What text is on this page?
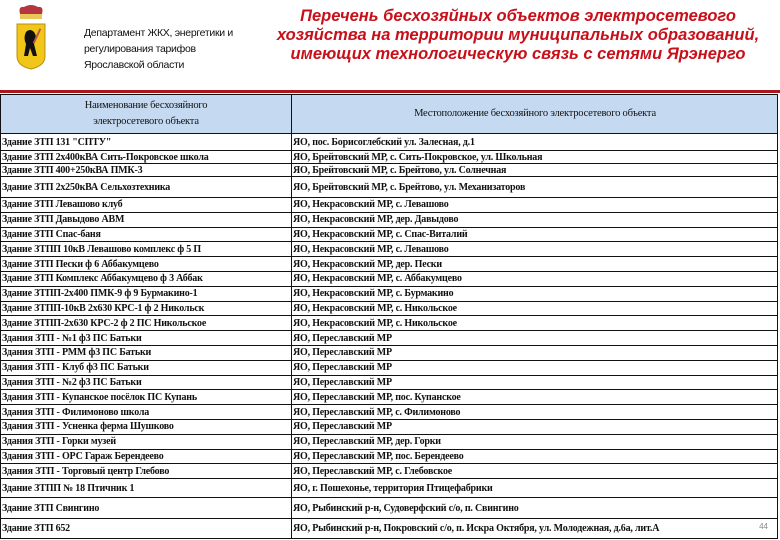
Департамент ЖКХ, энергетики и
регулирования тарифов
Ярославской области
Перечень бесхозяйных объектов электросетевого хозяйства на территории муниципальных образований, имеющих технологическую связь с сетями Ярэнерго
Наименование бесхозяйного электросетевого объекта	Местоположение бесхозяйного электросетевого объекта
Здание ЗТП 131 "СПТУ"	ЯО, пос. Борисоглебский ул. Залесная, д.1
Здание ЗТП 2х400кВА Сить-Покровское школа	ЯО, Брейтовский МР, с. Сить-Покровское, ул. Школьная
Здание ЗТП 400+250кВА ПМК-3	ЯО, Брейтовский МР, с. Брейтово, ул. Солнечная
Здание ЗТП 2х250кВА Сельхозтехника	ЯО, Брейтовский МР, с. Брейтово, ул. Механизаторов
Здание ЗТП Левашово клуб	ЯО, Некрасовский МР, с. Левашово
Здание ЗТП Давыдово АВМ	ЯО, Некрасовский МР, дер. Давыдово
Здание ЗТП Спас-баня	ЯО, Некрасовский МР, с. Спас-Виталий
Здание ЗТПП 10кВ Левашово комплекс ф 5 П	ЯО, Некрасовский МР, с. Левашово
Здание ЗТП Пески ф 6 Аббакумцево	ЯО, Некрасовский МР, дер. Пески
Здание ЗТП Комплекс Аббакумцево ф 3 Аббак	ЯО, Некрасовский МР, с. Аббакумцево
Здание ЗТПП-2х400 ПМК-9 ф 9 Бурмакино-1	ЯО, Некрасовский МР, с. Бурмакино
Здание ЗТПП-10кВ 2х630 КРС-1 ф 2 Никольск	ЯО, Некрасовский МР, с. Никольское
Здание ЗТПП-2х630 КРС-2 ф 2 ПС Никольское	ЯО, Некрасовский МР, с. Никольское
Здания ЗТП - №1 ф3 ПС Батьки	ЯО, Переславский МР
Здания ЗТП - РММ ф3 ПС Батьки	ЯО, Переславский МР
Здания ЗТП - Клуб ф3 ПС Батьки	ЯО, Переславский МР
Здания ЗТП - №2 ф3 ПС Батьки	ЯО, Переславский МР
Здания ЗТП - Купанское посёлок ПС Купань	ЯО, Переславский МР, пос. Купанское
Здания ЗТП - Филимоново школа	ЯО, Переславский МР, с. Филимоново
Здания ЗТП - Усненка ферма Шушково	ЯО, Переславский МР
Здания ЗТП - Горки музей	ЯО, Переславский МР, дер. Горки
Здания ЗТП - ОРС Гараж Берендеево	ЯО, Переславский МР, пос. Берендеево
Здания ЗТП - Торговый центр Глебово	ЯО, Переславский МР, с. Глебовское
Здание ЗТПП № 18 Птичник 1	ЯО, г. Пошехонье, территория Птицефабрики
Здание ЗТП Свингино	ЯО, Рыбинский р-н, Судоверфский с/о, п. Свингино
Здание ЗТП 652	ЯО, Рыбинский р-н, Покровский с/о, п. Искра Октября, ул. Молодежная, д.6а, лит.А	44
